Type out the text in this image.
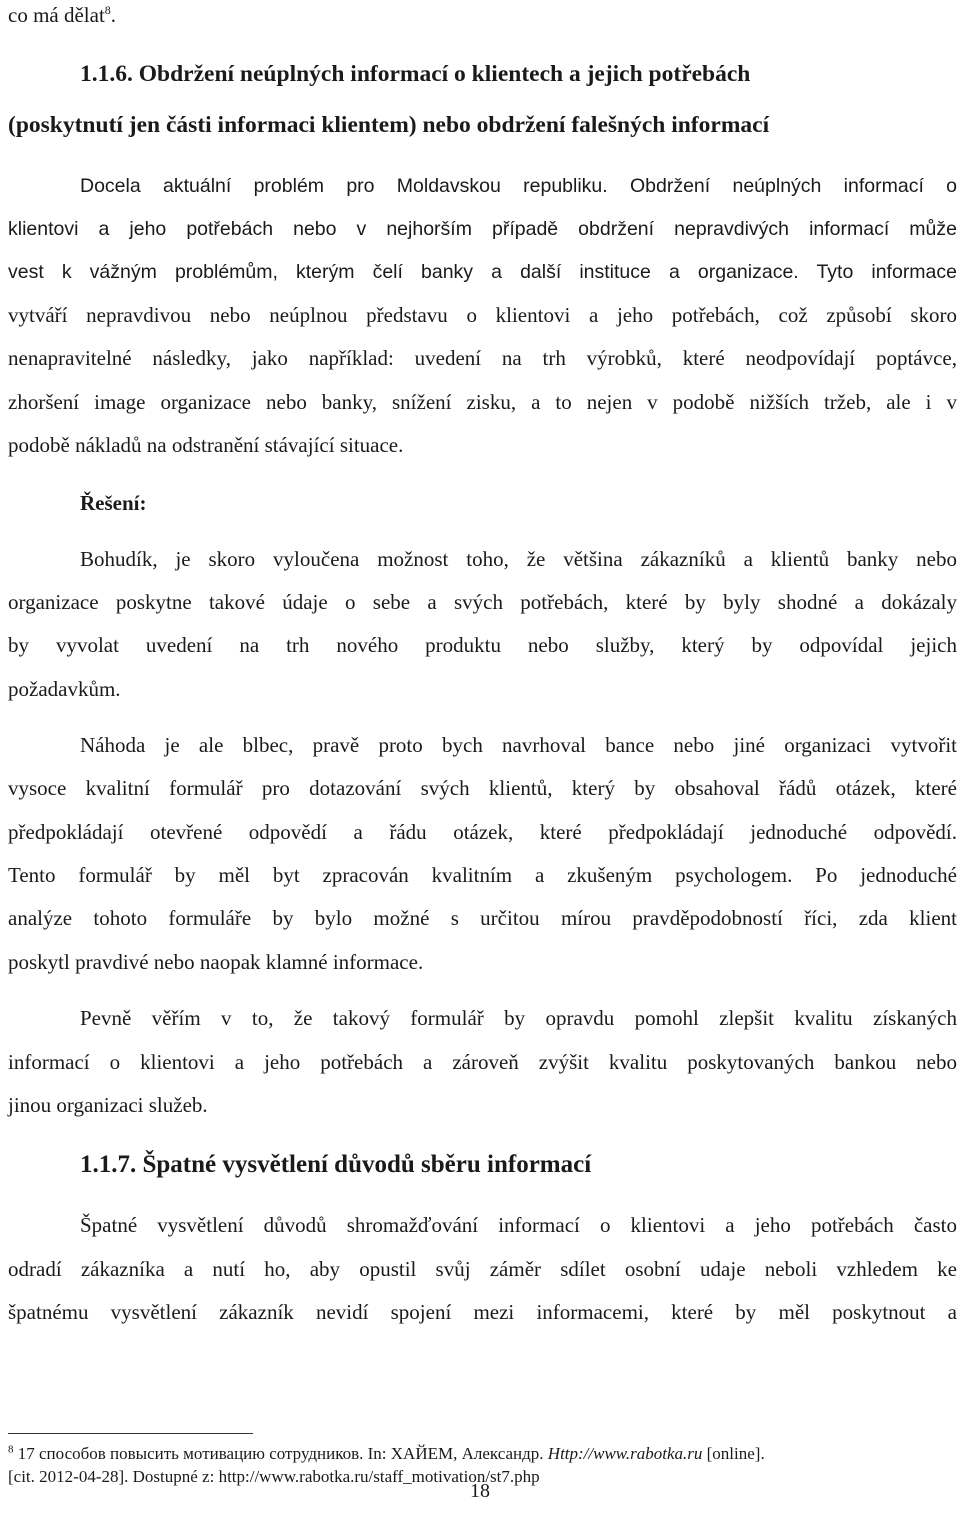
co má dělat$^8$.
1.1.6. Obdržení neúplných informací o klientech a jejich potřebách
(poskytnutí jen části informaci klientem) nebo obdržení falešných informací
Docela aktuální problém pro Moldavskou republiku. Obdržení neúplných informací o
klientovi a jeho potřebách nebo v nejhorším případě obdržení nepravdivých informací může
vest k vážným problémům, kterým čelí banky a další instituce a organizace. Tyto informace
vytváří nepravdivou nebo neúplnou představu o klientovi a jeho potřebách, což způsobí skoro
nenapravitelné následky, jako například: uvedení na trh výrobků, které neodpovídají poptávce,
zhoršení image organizace nebo banky, snížení zisku, a to nejen v podobě nižších tržeb, ale i v
podobě nákladů na odstranění stávající situace.
Řešení:
Bohudík, je skoro vyloučena možnost toho, že většina zákazníků a klientů banky nebo
organizace poskytne takové údaje o sebe a svých potřebách, které by byly shodné a dokázaly
by vyvolat uvedení na trh nového produktu nebo služby, který by odpovídal jejich
požadavkům.
Náhoda je ale blbec, pravě proto bych navrhoval bance nebo jiné organizaci vytvořit
vysoce kvalitní formulář pro dotazování svých klientů, který by obsahoval řádů otázek, které
předpokládají otevřené odpovědí a řádu otázek, které předpokládají jednoduché odpovědí.
Tento formulář by měl byt zpracován kvalitním a zkušeným psychologem. Po jednoduché
analýze tohoto formuláře by bylo možné s určitou mírou pravděpodobností říci, zda klient
poskytl pravdivé nebo naopak klamné informace.
Pevně věřím v to, že takový formulář by opravdu pomohl zlepšit kvalitu získaných
informací o klientovi a jeho potřebách a zároveň zvýšit kvalitu poskytovaných bankou nebo
jinou organizaci služeb.
1.1.7. Špatné vysvětlení důvodů sběru informací
Špatné vysvětlení důvodů shromažďování informací o klientovi a jeho potřebách často
odradí zákazníka a nutí ho, aby opustil svůj záměr sdílet osobní udaje neboli vzhledem ke
špatnému vysvětlení zákazník nevidí spojení mezi informacemi, které by měl poskytnout a
$^8$ 17 способов повысить мотивацию сотрудников. In: ХАЙЕМ, Александр. Http://www.rabotka.ru [online].
[cit. 2012-04-28]. Dostupné z: http://www.rabotka.ru/staff_motivation/st7.php
18
